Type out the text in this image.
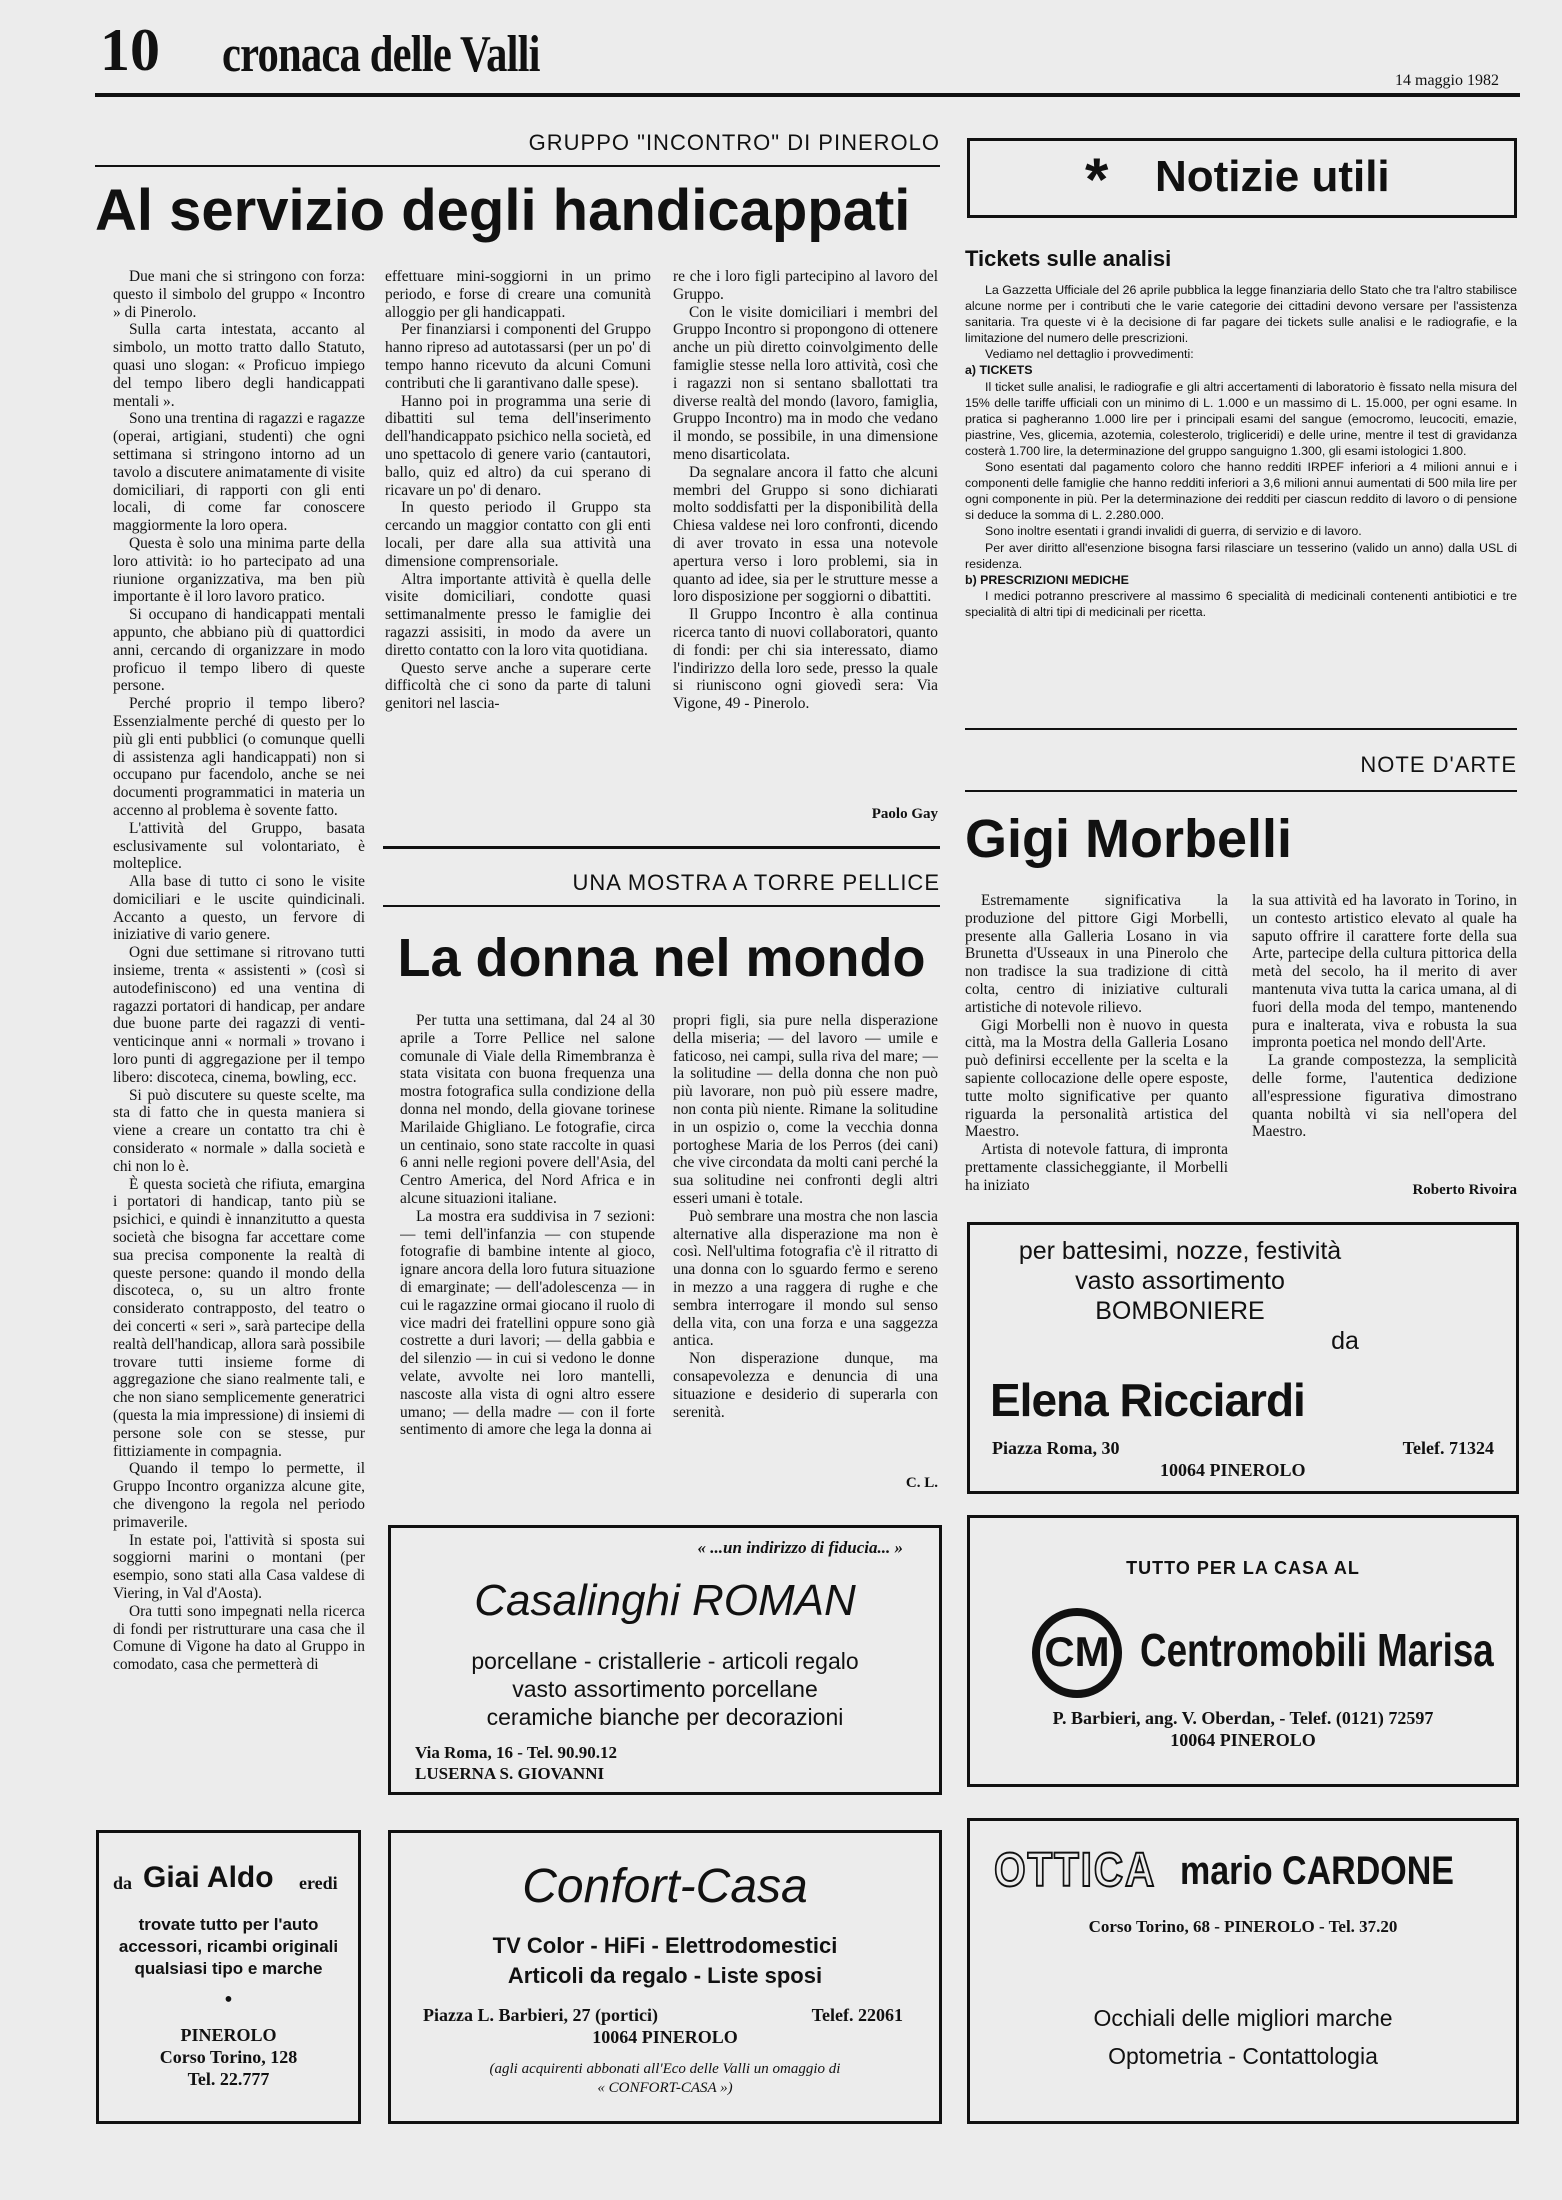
10 cronaca delle Valli	14 maggio 1982
GRUPPO "INCONTRO" DI PINEROLO
Al servizio degli handicappati

Due mani che si stringono con forza: questo il simbolo del gruppo « Incontro » di Pinerolo.

Sulla carta intestata, accanto al simbolo, un motto tratto dallo Statuto, quasi uno slogan: « Proficuo impiego del tempo libero degli handicappati mentali ».

Sono una trentina di ragazzi e ragazze (operai, artigiani, studenti) che ogni settimana si stringono intorno ad un tavolo a discutere animatamente di visite domiciliari, di rapporti con gli enti locali, di come far conoscere maggiormente la loro opera.

Questa è solo una minima parte della loro attività: io ho partecipato ad una riunione organizzativa, ma ben più importante è il loro lavoro pratico.

Si occupano di handicappati mentali appunto, che abbiano più di quattordici anni, cercando di organizzare in modo proficuo il tempo libero di queste persone.

Perché proprio il tempo libero? Essenzialmente perché di questo per lo più gli enti pubblici (o comunque quelli di assistenza agli handicappati) non si occupano pur facendolo, anche se nei documenti programmatici in materia un accenno al problema è sovente fatto.

L'attività del Gruppo, basata esclusivamente sul volontariato, è molteplice.

Alla base di tutto ci sono le visite domiciliari e le uscite quindicinali. Accanto a questo, un fervore di iniziative di vario genere.

Ogni due settimane si ritrovano tutti insieme, trenta « assistenti » (così si autodefiniscono) ed una ventina di ragazzi portatori di handicap, per andare due buone parte dei ragazzi di venti-venticinque anni « normali » trovano i loro punti di aggregazione per il tempo libero: discoteca, cinema, bowling, ecc.

Si può discutere su queste scelte, ma sta di fatto che in questa maniera si viene a creare un contatto tra chi è considerato « normale » dalla società e chi non lo è.

È questa società che rifiuta, emargina i portatori di handicap, tanto più se psichici, e quindi è innanzitutto a questa società che bisogna far accettare come sua precisa componente la realtà di queste persone: quando il mondo della discoteca, o, su un altro fronte considerato contrapposto, del teatro o dei concerti « seri », sarà partecipe della realtà dell'handicap, allora sarà possibile trovare tutti insieme forme di aggregazione che siano realmente tali, e che non siano semplicemente generatrici (questa la mia impressione) di insiemi di persone sole con se stesse, pur fittiziamente in compagnia.

Quando il tempo lo permette, il Gruppo Incontro organizza alcune gite, che divengono la regola nel periodo primaverile.

In estate poi, l'attività si sposta sui soggiorni marini o montani (per esempio, sono stati alla Casa valdese di Viering, in Val d'Aosta).

Ora tutti sono impegnati nella ricerca di fondi per ristrutturare una casa che il Comune di Vigone ha dato al Gruppo in comodato, casa che permetterà di

effettuare mini-soggiorni in un primo periodo, e forse di creare una comunità alloggio per gli handicappati.

Per finanziarsi i componenti del Gruppo hanno ripreso ad autotassarsi (per un po' di tempo hanno ricevuto da alcuni Comuni contributi che li garantivano dalle spese).

Hanno poi in programma una serie di dibattiti sul tema dell'inserimento dell'handicappato psichico nella società, ed uno spettacolo di genere vario (cantautori, ballo, quiz ed altro) da cui sperano di ricavare un po' di denaro.

In questo periodo il Gruppo sta cercando un maggior contatto con gli enti locali, per dare alla sua attività una dimensione comprensoriale.

Altra importante attività è quella delle visite domiciliari, condotte quasi settimanalmente presso le famiglie dei ragazzi assisiti, in modo da avere un diretto contatto con la loro vita quotidiana.

Questo serve anche a superare certe difficoltà che ci sono da parte di taluni genitori nel lascia-

re che i loro figli partecipino al lavoro del Gruppo.

Con le visite domiciliari i membri del Gruppo Incontro si propongono di ottenere anche un più diretto coinvolgimento delle famiglie stesse nella loro attività, così che i ragazzi non si sentano sballottati tra diverse realtà del mondo (lavoro, famiglia, Gruppo Incontro) ma in modo che vedano il mondo, se possibile, in una dimensione meno disarticolata.

Da segnalare ancora il fatto che alcuni membri del Gruppo si sono dichiarati molto soddisfatti per la disponibilità della Chiesa valdese nei loro confronti, dicendo di aver trovato in essa una notevole apertura verso i loro problemi, sia in quanto ad idee, sia per le strutture messe a loro disposizione per soggiorni o dibattiti.

Il Gruppo Incontro è alla continua ricerca tanto di nuovi collaboratori, quanto di fondi: per chi sia interessato, diamo l'indirizzo della loro sede, presso la quale si riuniscono ogni giovedì sera: Via Vigone, 49 - Pinerolo.

Paolo Gay
UNA MOSTRA A TORRE PELLICE
La donna nel mondo

Per tutta una settimana, dal 24 al 30 aprile a Torre Pellice nel salone comunale di Viale della Rimembranza è stata visitata con buona frequenza una mostra fotografica sulla condizione della donna nel mondo, della giovane torinese Marilaide Ghigliano. Le fotografie, circa un centinaio, sono state raccolte in quasi 6 anni nelle regioni povere dell'Asia, del Centro America, del Nord Africa e in alcune situazioni italiane.

La mostra era suddivisa in 7 sezioni: — temi dell'infanzia — con stupende fotografie di bambine intente al gioco, ignare ancora della loro futura situazione di emarginate; — dell'adolescenza — in cui le ragazzine ormai giocano il ruolo di vice madri dei fratellini oppure sono già costrette a duri lavori; — della gabbia e del silenzio — in cui si vedono le donne velate, avvolte nei loro mantelli, nascoste alla vista di ogni altro essere umano; — della madre — con il forte sentimento di amore che lega la donna ai

propri figli, sia pure nella disperazione della miseria; — del lavoro — umile e faticoso, nei campi, sulla riva del mare; — la solitudine — della donna che non può più lavorare, non può più essere madre, non conta più niente. Rimane la solitudine in un ospizio o, come la vecchia donna portoghese Maria de los Perros (dei cani) che vive circondata da molti cani perché la sua solitudine nei confronti degli altri esseri umani è totale.

Può sembrare una mostra che non lascia alternative alla disperazione ma non è così. Nell'ultima fotografia c'è il ritratto di una donna con lo sguardo fermo e sereno in mezzo a una raggera di rughe e che sembra interrogare il mondo sul senso della vita, con una forza e una saggezza antica.

Non disperazione dunque, ma consapevolezza e denuncia di una situazione e desiderio di superarla con serenità.

C. L.
* Notizie utili
Tickets sulle analisi

La Gazzetta Ufficiale del 26 aprile pubblica la legge finanziaria dello Stato che tra l'altro stabilisce alcune norme per i contributi che le varie categorie dei cittadini devono versare per l'assistenza sanitaria. Tra queste vi è la decisione di far pagare dei tickets sulle analisi e le radiografie, e la limitazione del numero delle prescrizioni.

Vediamo nel dettaglio i provvedimenti:

a) TICKETS

Il ticket sulle analisi, le radiografie e gli altri accertamenti di laboratorio è fissato nella misura del 15% delle tariffe ufficiali con un minimo di L. 1.000 e un massimo di L. 15.000, per ogni esame. In pratica si pagheranno 1.000 lire per i principali esami del sangue (emocromo, leucociti, emazie, piastrine, Ves, glicemia, azotemia, colesterolo, trigliceridi) e delle urine, mentre il test di gravidanza costerà 1.700 lire, la determinazione del gruppo sanguigno 1.300, gli esami istologici 1.800.

Sono esentati dal pagamento coloro che hanno redditi IRPEF inferiori a 4 milioni annui e i componenti delle famiglie che hanno redditi inferiori a 3,6 milioni annui aumentati di 500 mila lire per ogni componente in più. Per la determinazione dei redditi per ciascun reddito di lavoro o di pensione si deduce la somma di L. 2.280.000.

Sono inoltre esentati i grandi invalidi di guerra, di servizio e di lavoro.

Per aver diritto all'esenzione bisogna farsi rilasciare un tesserino (valido un anno) dalla USL di residenza.

b) PRESCRIZIONI MEDICHE

I medici potranno prescrivere al massimo 6 specialità di medicinali contenenti antibiotici e tre specialità di altri tipi di medicinali per ricetta.

NOTE D'ARTE
Gigi Morbelli

Estremamente significativa la produzione del pittore Gigi Morbelli, presente alla Galleria Losano in via Brunetta d'Usseaux in una Pinerolo che non tradisce la sua tradizione di città colta, centro di iniziative culturali artistiche di notevole rilievo.

Gigi Morbelli non è nuovo in questa città, ma la Mostra della Galleria Losano può definirsi eccellente per la scelta e la sapiente collocazione delle opere esposte, tutte molto significative per quanto riguarda la personalità artistica del Maestro.

Artista di notevole fattura, di impronta prettamente classicheggiante, il Morbelli ha iniziato

la sua attività ed ha lavorato in Torino, in un contesto artistico elevato al quale ha saputo offrire il carattere forte della sua Arte, partecipe della cultura pittorica della metà del secolo, ha il merito di aver mantenuta viva tutta la carica umana, al di fuori della moda del tempo, mantenendo pura e inalterata, viva e robusta la sua impronta poetica nel mondo dell'Arte.

La grande compostezza, la semplicità delle forme, l'autentica dedizione all'espressione figurativa dimostrano quanta nobiltà vi sia nell'opera del Maestro.

Roberto Rivoira
per battesimi, nozze, festività
vasto assortimento
BOMBONIERE
da
Elena Ricciardi
Piazza Roma, 30	Telef. 71324
10064 PINEROLO
« ...un indirizzo di fiducia... »
Casalinghi ROMAN
porcellane - cristallerie - articoli regalo
vasto assortimento porcellane
ceramiche bianche per decorazioni
Via Roma, 16 - Tel. 90.90.12
LUSERNA S. GIOVANNI
TUTTO PER LA CASA AL
CM Centromobili Marisa
P. Barbieri, ang. V. Oberdan, - Telef. (0121) 72597
10064 PINEROLO
da Giai Aldo eredi
trovate tutto per l'auto
accessori, ricambi originali
qualsiasi tipo e marche
•
PINEROLO
Corso Torino, 128
Tel. 22.777
Confort-Casa
TV Color - HiFi - Elettrodomestici
Articoli da regalo - Liste sposi
Piazza L. Barbieri, 27 (portici)	Telef. 22061
10064 PINEROLO
(agli acquirenti abbonati all'Eco delle Valli un omaggio di
« CONFORT-CASA »)
OTTICA mario CARDONE
Corso Torino, 68 - PINEROLO - Tel. 37.20
Occhiali delle migliori marche
Optometria - Contattologia
